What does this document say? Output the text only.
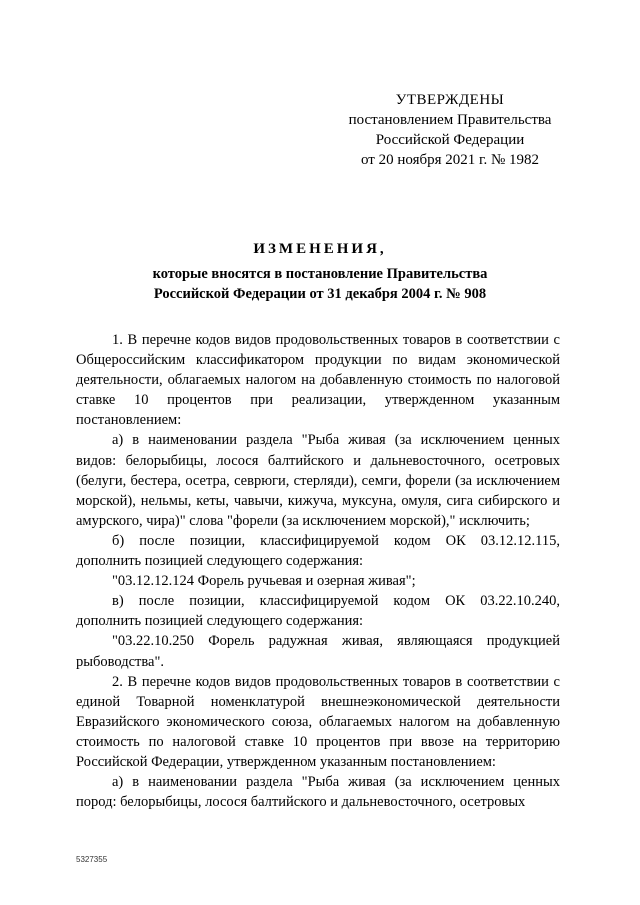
УТВЕРЖДЕНЫ
постановлением Правительства
Российской Федерации
от 20 ноября 2021 г. № 1982
ИЗМЕНЕНИЯ,
которые вносятся в постановление Правительства
Российской Федерации от 31 декабря 2004 г. № 908

1. В перечне кодов видов продовольственных товаров в соответствии с Общероссийским классификатором продукции по видам экономической деятельности, облагаемых налогом на добавленную стоимость по налоговой ставке 10 процентов при реализации, утвержденном указанным постановлением:

а) в наименовании раздела "Рыба живая (за исключением ценных видов: белорыбицы, лосося балтийского и дальневосточного, осетровых (белуги, бестера, осетра, севрюги, стерляди), семги, форели (за исключением морской), нельмы, кеты, чавычи, кижуча, муксуна, омуля, сига сибирского и амурского, чира)" слова "форели (за исключением морской)," исключить;

б) после позиции, классифицируемой кодом ОК 03.12.12.115, дополнить позицией следующего содержания:

"03.12.12.124 Форель ручьевая и озерная живая";

в) после позиции, классифицируемой кодом ОК 03.22.10.240, дополнить позицией следующего содержания:

"03.22.10.250 Форель радужная живая, являющаяся продукцией рыбоводства".

2. В перечне кодов видов продовольственных товаров в соответствии с единой Товарной номенклатурой внешнеэкономической деятельности Евразийского экономического союза, облагаемых налогом на добавленную стоимость по налоговой ставке 10 процентов при ввозе на территорию Российской Федерации, утвержденном указанным постановлением:

а) в наименовании раздела "Рыба живая (за исключением ценных пород: белорыбицы, лосося балтийского и дальневосточного, осетровых

5327355
